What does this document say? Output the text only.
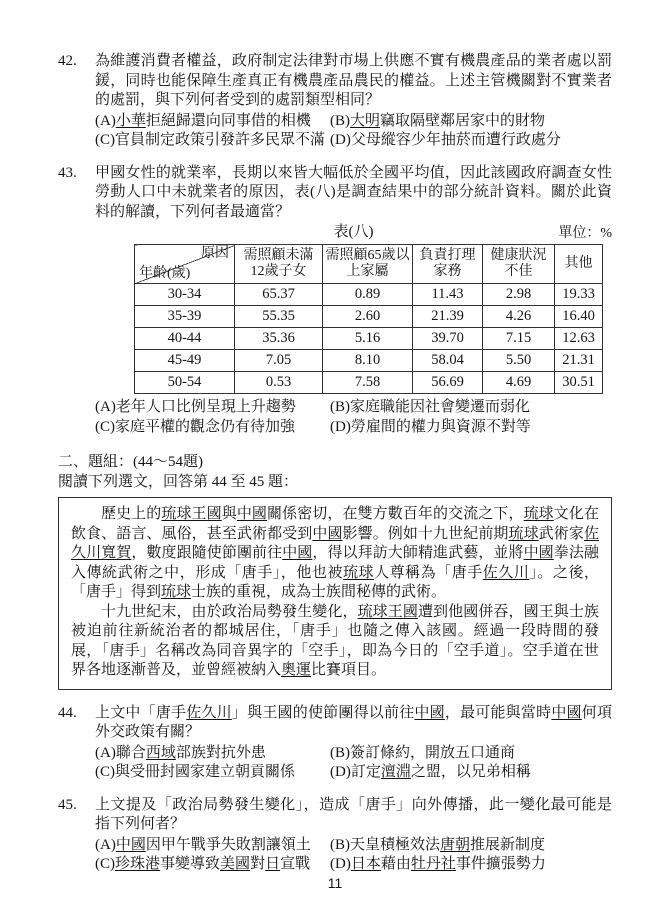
42.	為維護消費者權益，政府制定法律對市場上供應不實有機農產品的業者處以罰鍰，同時也能保障生產真正有機農產品農民的權益。上述主管機關對不實業者的處罰，與下列何者受到的處罰類型相同？

(A)小華拒絕歸還向同事借的相機	(B)大明竊取隔壁鄰居家中的財物
(C)官員制定政策引發許多民眾不滿 (D)父母縱容少年抽菸而遭行政處分
43.	甲國女性的就業率，長期以來皆大幅低於全國平均值，因此該國政府調查女性勞動人口中未就業者的原因，表(八)是調查結果中的部分統計資料。關於此資料的解讀，下列何者最適當？

表(八)	單位：%
原因
年齡(歲)	需照顧未滿12歲子女	需照顧65歲以上家屬	負責打理家務	健康狀況不佳	其他
30-34	65.37	0.89	11.43	2.98	19.33
35-39	55.35	2.60	21.39	4.26	16.40
40-44	35.36	5.16	39.70	7.15	12.63
45-49	7.05	8.10	58.04	5.50	21.31
50-54	0.53	7.58	56.69	4.69	30.51
(A)老年人口比例呈現上升趨勢	(B)家庭職能因社會變遷而弱化
(C)家庭平權的觀念仍有待加強	(D)勞雇間的權力與資源不對等

二、題組：(44～54題)

閱讀下列選文，回答第 44 至 45 題：

歷史上的琉球王國與中國關係密切，在雙方數百年的交流之下，琉球文化在飲食、語言、風俗，甚至武術都受到中國影響。例如十九世紀前期琉球武術家佐久川寬賀，數度跟隨使節團前往中國，得以拜訪大師精進武藝，並將中國拳法融入傳統武術之中，形成「唐手」，他也被琉球人尊稱為「唐手佐久川」。之後，「唐手」得到琉球士族的重視，成為士族間秘傳的武術。

十九世紀末，由於政治局勢發生變化，琉球王國遭到他國併吞，國王與士族被迫前往新統治者的都城居住，「唐手」也隨之傳入該國。經過一段時間的發展，「唐手」名稱改為同音異字的「空手」，即為今日的「空手道」。空手道在世界各地逐漸普及，並曾經被納入奧運比賽項目。

44.	上文中「唐手佐久川」與王國的使節團得以前往中國，最可能與當時中國何項外交政策有關？

(A)聯合西域部族對抗外患	(B)簽訂條約，開放五口通商
(C)與受冊封國家建立朝貢關係	(D)訂定澶淵之盟，以兄弟相稱
45.	上文提及「政治局勢發生變化」，造成「唐手」向外傳播，此一變化最可能是指下列何者？

(A)中國因甲午戰爭失敗割讓領土	(B)天皇積極效法唐朝推展新制度
(C)珍珠港事變導致美國對日宣戰	(D)日本藉由牡丹社事件擴張勢力
11
